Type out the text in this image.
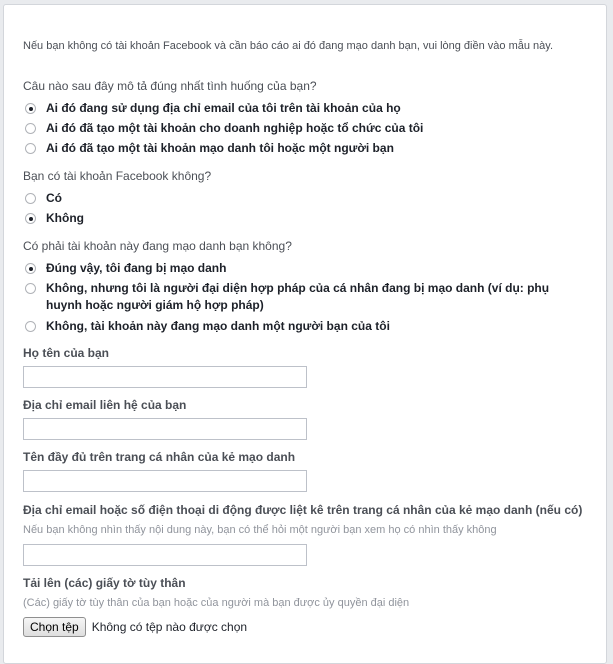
Nếu bạn không có tài khoản Facebook và cần báo cáo ai đó đang mạo danh bạn, vui lòng điền vào mẫu này.
Câu nào sau đây mô tả đúng nhất tình huống của bạn?
Ai đó đang sử dụng địa chỉ email của tôi trên tài khoản của họ
Ai đó đã tạo một tài khoản cho doanh nghiệp hoặc tổ chức của tôi
Ai đó đã tạo một tài khoản mạo danh tôi hoặc một người bạn
Bạn có tài khoản Facebook không?
Có
Không
Có phải tài khoản này đang mạo danh bạn không?
Đúng vậy, tôi đang bị mạo danh
Không, nhưng tôi là người đại diện hợp pháp của cá nhân đang bị mạo danh (ví dụ: phụ huynh hoặc người giám hộ hợp pháp)
Không, tài khoản này đang mạo danh một người bạn của tôi
Họ tên của bạn
Địa chỉ email liên hệ của bạn
Tên đầy đủ trên trang cá nhân của kẻ mạo danh
Địa chỉ email hoặc số điện thoại di động được liệt kê trên trang cá nhân của kẻ mạo danh (nếu có)
Nếu bạn không nhìn thấy nội dung này, bạn có thể hỏi một người bạn xem họ có nhìn thấy không
Tải lên (các) giấy tờ tùy thân
(Các) giấy tờ tùy thân của bạn hoặc của người mà bạn được ủy quyền đại diện
Chọn tệp	Không có tệp nào được chọn
